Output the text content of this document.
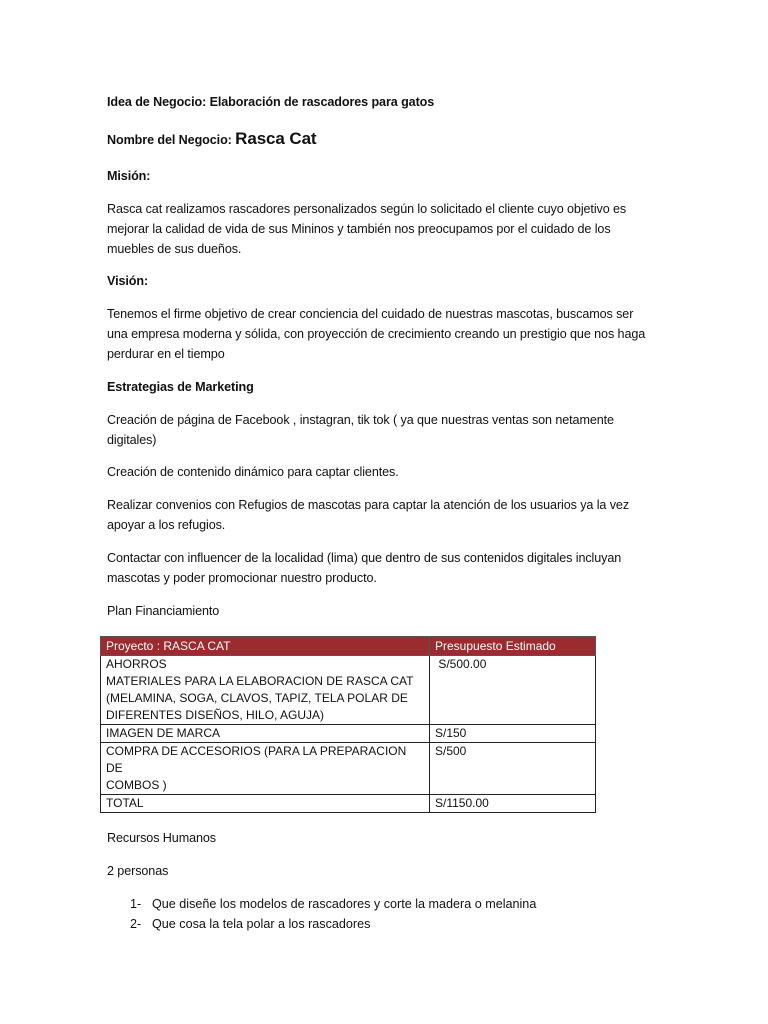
Idea de Negocio: Elaboración de rascadores para gatos

Nombre del Negocio: Rasca Cat

Misión:

Rasca cat realizamos rascadores personalizados según lo solicitado el cliente cuyo objetivo es mejorar la calidad de vida de sus Mininos y también nos preocupamos por el cuidado de los muebles de sus dueños.

Visión:

Tenemos el firme objetivo de crear conciencia del cuidado de nuestras mascotas, buscamos ser una empresa moderna y sólida, con proyección de crecimiento creando un prestigio que nos haga perdurar en el tiempo

Estrategias de Marketing

Creación de página de Facebook , instagran, tik tok ( ya que nuestras ventas son netamente digitales)

Creación de contenido dinámico para captar clientes.

Realizar convenios con Refugios de mascotas para captar la atención de los usuarios ya la vez apoyar a los refugios.

Contactar con influencer de la localidad (lima) que dentro de sus contenidos digitales incluyan mascotas y poder promocionar nuestro producto.

Plan Financiamiento

Proyecto : RASCA CAT	Presupuesto Estimado

AHORROS
MATERIALES PARA LA ELABORACION DE RASCA CAT
(MELAMINA, SOGA, CLAVOS, TAPIZ, TELA POLAR DE
DIFERENTES DISEÑOS, HILO, AGUJA)	S/500.00

IMAGEN DE MARCA	S/150

COMPRA DE ACCESORIOS (PARA LA PREPARACION DE
COMBOS )	S/500

TOTAL	S/1150.00

Recursos Humanos

2 personas

1- Que diseñe los modelos de rascadores y corte la madera o melanina
2- Que cosa la tela polar a los rascadores
